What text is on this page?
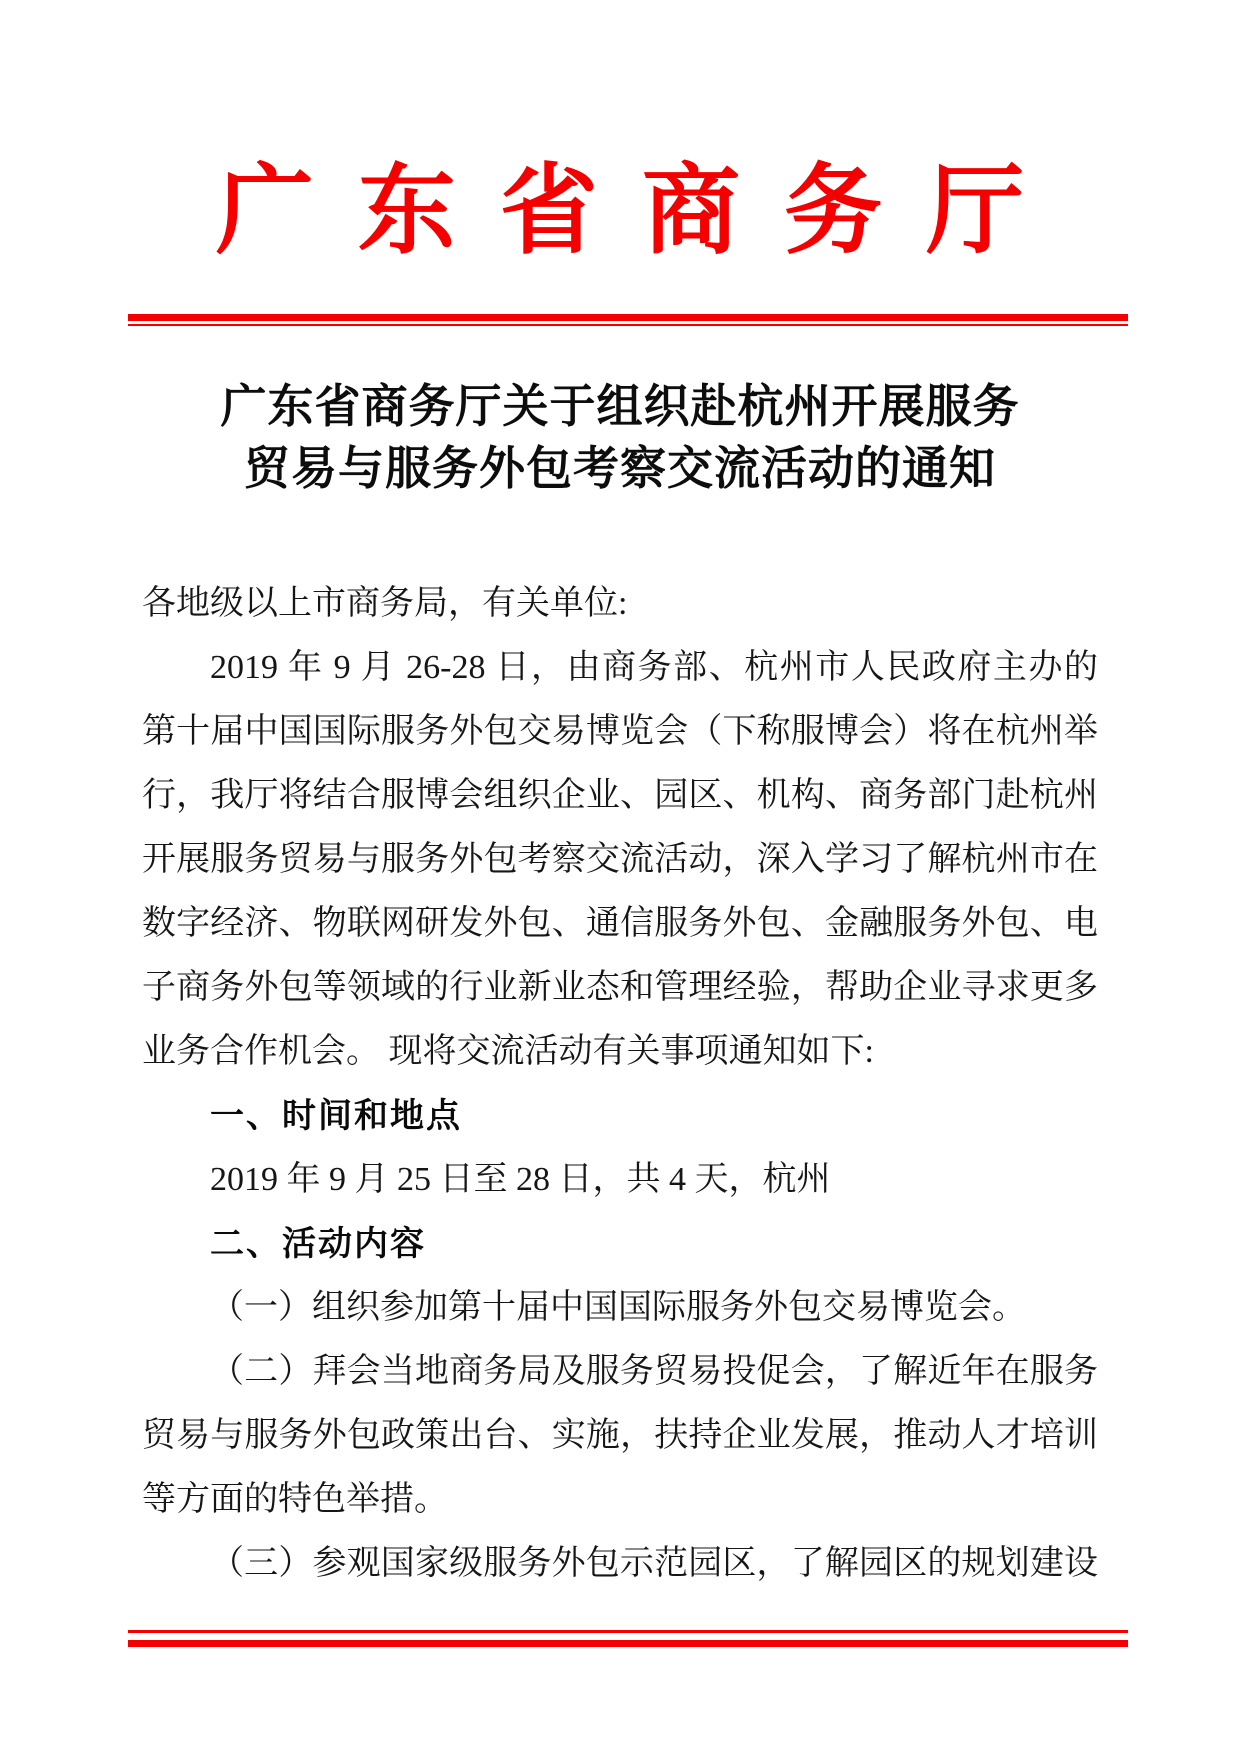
广东省商务厅
广东省商务厅关于组织赴杭州开展服务
贸易与服务外包考察交流活动的通知
各地级以上市商务局，有关单位:
2019 年 9 月 26-28 日，由商务部、杭州市人民政府主办的
第十届中国国际服务外包交易博览会（下称服博会）将在杭州举
行，我厅将结合服博会组织企业、园区、机构、商务部门赴杭州
开展服务贸易与服务外包考察交流活动，深入学习了解杭州市在
数字经济、物联网研发外包、通信服务外包、金融服务外包、电
子商务外包等领域的行业新业态和管理经验，帮助企业寻求更多
业务合作机会。 现将交流活动有关事项通知如下:
一、时间和地点
2019 年 9 月 25 日至 28 日，共 4 天，杭州
二、活动内容
（一）组织参加第十届中国国际服务外包交易博览会。
（二）拜会当地商务局及服务贸易投促会，了解近年在服务
贸易与服务外包政策出台、实施，扶持企业发展，推动人才培训
等方面的特色举措。
（三）参观国家级服务外包示范园区，了解园区的规划建设
